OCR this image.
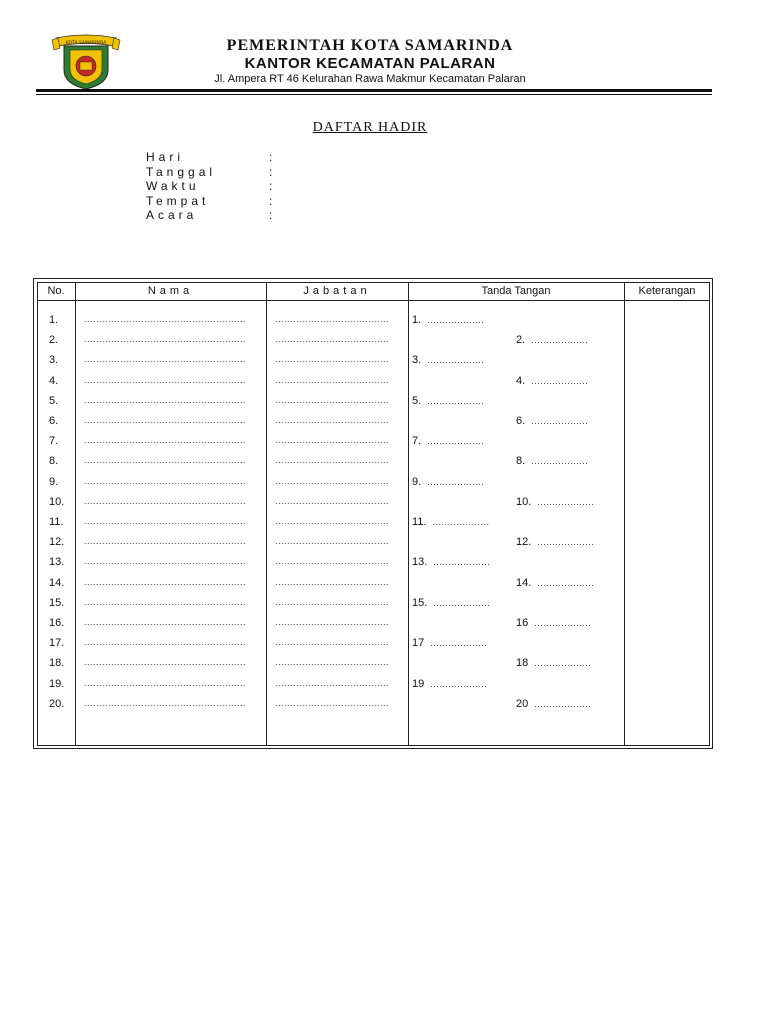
KOTA SAMARINDA	PEMERINTAH KOTA SAMARINDA
KANTOR KECAMATAN PALARAN
Jl. Ampera RT 46 Kelurahan Rawa Makmur Kecamatan Palaran
DAFTAR HADIR
Hari	:
Tanggal	:
Waktu	:
Tempat	:
Acara	:
No.	Nama	Jabatan	Tanda Tangan	Keterangan
1.	......................................................	......................................	1. ...................
2.	......................................................	......................................	2. ...................
3.	......................................................	......................................	3. ...................
4.	......................................................	......................................	4. ...................
5.	......................................................	......................................	5. ...................
6.	......................................................	......................................	6. ...................
7.	......................................................	......................................	7. ...................
8.	......................................................	......................................	8. ...................
9.	......................................................	......................................	9. ...................
10.	......................................................	......................................	10. ...................
11.	......................................................	......................................	11. ...................
12.	......................................................	......................................	12. ...................
13.	......................................................	......................................	13. ...................
14.	......................................................	......................................	14. ...................
15.	......................................................	......................................	15. ...................
16.	......................................................	......................................	16 ...................
17.	......................................................	......................................	17 ...................
18.	......................................................	......................................	18 ...................
19.	......................................................	......................................	19 ...................
20.	......................................................	......................................	20 ...................
